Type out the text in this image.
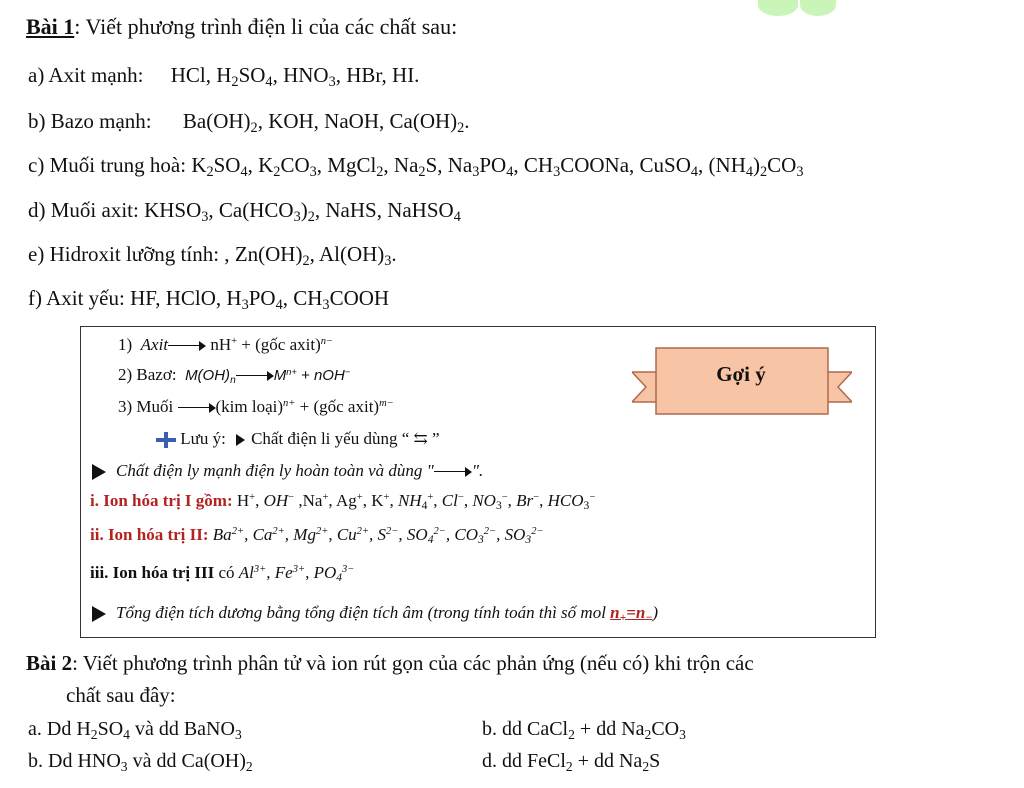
Bài 1: Viết phương trình điện li của các chất sau:
a) Axit mạnh: HCl, $H_2SO_4$, $HNO_3$, HBr, HI.
b) Bazo mạnh: $Ba(OH)_2$, KOH, NaOH, $Ca(OH)_2$.
c) Muối trung hoà: $K_2SO_4$, $K_2CO_3$, MgCl$_2$, $Na_2S$, $Na_3PO_4$, $CH_3COONa$, CuSO$_4$, $(NH_4)_2CO_3$
d) Muối axit: $KHSO_3$, $Ca(HCO_3)_2$, NaHS, NaHSO$_4$
e) Hidroxit lưỡng tính: , $Zn(OH)_2$, $Al(OH)_3$.
f) Axit yếu: HF, HClO, $H_3PO_4$, $CH_3COOH$
1) Axit nH+ + (gốc axit)$^{n-}$
2) Bazơ: $M(OH)_n$	$M^{n+} + nOH^-$
3) Muối (kim loại)$^{n+}$ + (gốc axit)$^{m-}$
Lưu ý: Chất điện li yếu dùng “ ⇆ ”
Gợi ý
Chất điện ly mạnh điện ly hoàn toàn và dùng " ".
i. Ion hóa trị I gồm: H+, OH− ,Na+, Ag+, K+, $NH_4^+$, Cl−, $NO_3^-$, Br−, $HCO_3^-$
ii. Ion hóa trị II: $Ba^{2+}$, $Ca^{2+}$, $Mg^{2+}$, $Cu^{2+}$, $S^{2-}$, $SO_4^{2-}$, $CO_3^{2-}$, $SO_3^{2-}$
iii. Ion hóa trị III có $Al^{3+}$, $Fe^{3+}$, $PO_4^{3-}$
Tổng điện tích dương bằng tổng điện tích âm (trong tính toán thì số mol $n_+=n_-$)
Bài 2: Viết phương trình phân tử và ion rút gọn của các phản ứng (nếu có) khi trộn các
chất sau đây:
a. Dd $H_2SO_4$ và dd BaNO$_3$	b. dd CaCl$_2$ + dd $Na_2CO_3$
b. Dd $HNO_3$ và dd $Ca(OH)_2$	d. dd FeCl$_2$ + dd $Na_2S$
